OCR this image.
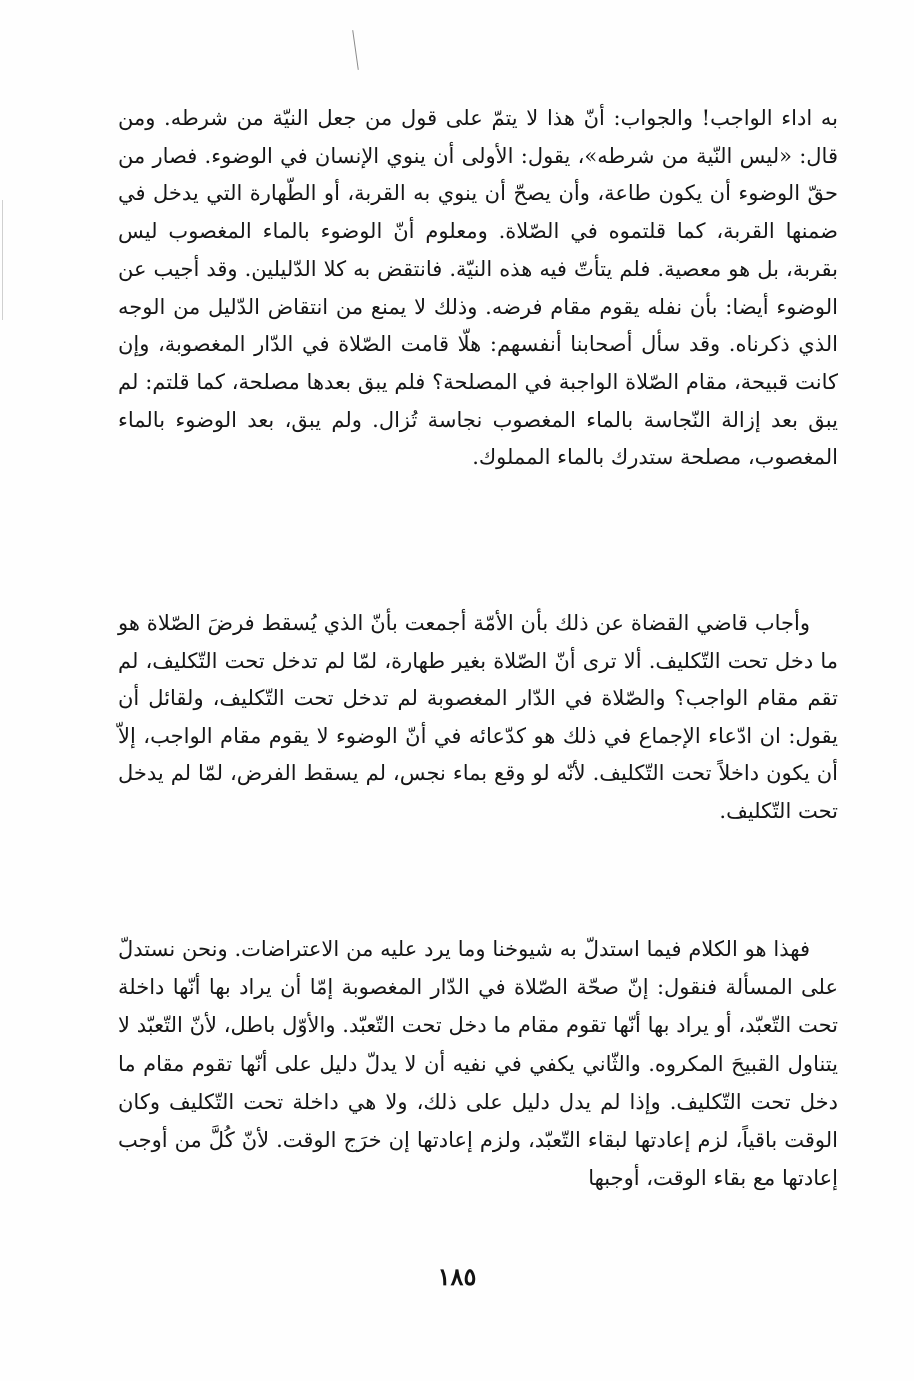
به اداء الواجب! والجواب: أنّ هذا لا يتمّ على قول من جعل النيّة من شرطه. ومن قال: «ليس النّية من شرطه»، يقول: الأولى أن ينوي الإنسان في الوضوء. فصار من حقّ الوضوء أن يكون طاعة، وأن يصحّ أن ينوي به القربة، أو الطّهارة التي يدخل في ضمنها القربة، كما قلتموه في الصّلاة. ومعلوم أنّ الوضوء بالماء المغصوب ليس بقربة، بل هو معصية. فلم يتأتّ فيه هذه النيّة. فانتقض به كلا الدّليلين. وقد أجيب عن الوضوء أيضا: بأن نفله يقوم مقام فرضه. وذلك لا يمنع من انتقاض الدّليل من الوجه الذي ذكرناه. وقد سأل أصحابنا أنفسهم: هلّا قامت الصّلاة في الدّار المغصوبة، وإن كانت قبيحة، مقام الصّلاة الواجبة في المصلحة؟ فلم يبق بعدها مصلحة، كما قلتم: لم يبق بعد إزالة النّجاسة بالماء المغصوب نجاسة تُزال. ولم يبق، بعد الوضوء بالماء المغصوب، مصلحة ستدرك بالماء المملوك.

وأجاب قاضي القضاة عن ذلك بأن الأمّة أجمعت بأنّ الذي يُسقط فرضَ الصّلاة هو ما دخل تحت التّكليف. ألا ترى أنّ الصّلاة بغير طهارة، لمّا لم تدخل تحت التّكليف، لم تقم مقام الواجب؟ والصّلاة في الدّار المغصوبة لم تدخل تحت التّكليف، ولقائل أن يقول: ان ادّعاء الإجماع في ذلك هو كدّعائه في أنّ الوضوء لا يقوم مقام الواجب، إلاّ أن يكون داخلاً تحت التّكليف. لأنّه لو وقع بماء نجس، لم يسقط الفرض، لمّا لم يدخل تحت التّكليف.

فهذا هو الكلام فيما استدلّ به شيوخنا وما يرد عليه من الاعتراضات. ونحن نستدلّ على المسألة فنقول: إنّ صحّة الصّلاة في الدّار المغصوبة إمّا أن يراد بها أنّها داخلة تحت التّعبّد، أو يراد بها أنّها تقوم مقام ما دخل تحت التّعبّد. والأوّل باطل، لأنّ التّعبّد لا يتناول القبيحَ المكروه. والثّاني يكفي في نفيه أن لا يدلّ دليل على أنّها تقوم مقام ما دخل تحت التّكليف. وإذا لم يدل دليل على ذلك، ولا هي داخلة تحت التّكليف وكان الوقت باقياً، لزم إعادتها لبقاء التّعبّد، ولزم إعادتها إن خرَج الوقت. لأنّ كُلَّ من أوجب إعادتها مع بقاء الوقت، أوجبها

١٨٥
